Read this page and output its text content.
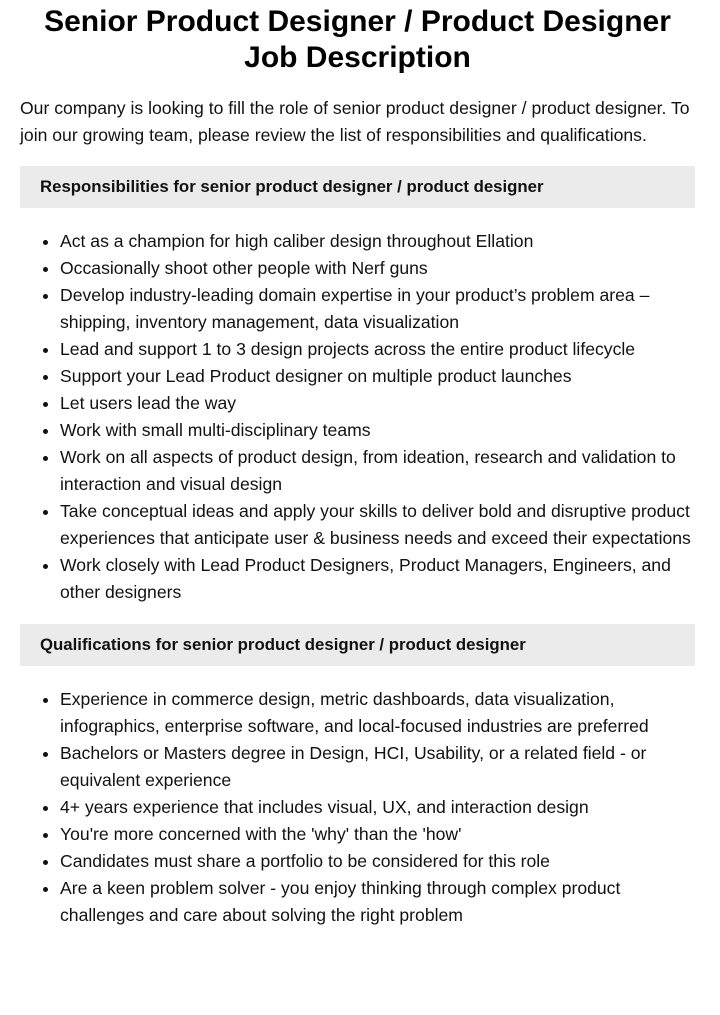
Senior Product Designer / Product Designer Job Description

Our company is looking to fill the role of senior product designer / product designer. To join our growing team, please review the list of responsibilities and qualifications.

Responsibilities for senior product designer / product designer
• Act as a champion for high caliber design throughout Ellation
• Occasionally shoot other people with Nerf guns
• Develop industry-leading domain expertise in your product’s problem area – shipping, inventory management, data visualization
• Lead and support 1 to 3 design projects across the entire product lifecycle
• Support your Lead Product designer on multiple product launches
• Let users lead the way
• Work with small multi-disciplinary teams
• Work on all aspects of product design, from ideation, research and validation to interaction and visual design
• Take conceptual ideas and apply your skills to deliver bold and disruptive product experiences that anticipate user & business needs and exceed their expectations
• Work closely with Lead Product Designers, Product Managers, Engineers, and other designers
Qualifications for senior product designer / product designer
• Experience in commerce design, metric dashboards, data visualization, infographics, enterprise software, and local-focused industries are preferred
• Bachelors or Masters degree in Design, HCI, Usability, or a related field - or equivalent experience
• 4+ years experience that includes visual, UX, and interaction design
• You're more concerned with the 'why' than the 'how'
• Candidates must share a portfolio to be considered for this role
• Are a keen problem solver - you enjoy thinking through complex product challenges and care about solving the right problem
